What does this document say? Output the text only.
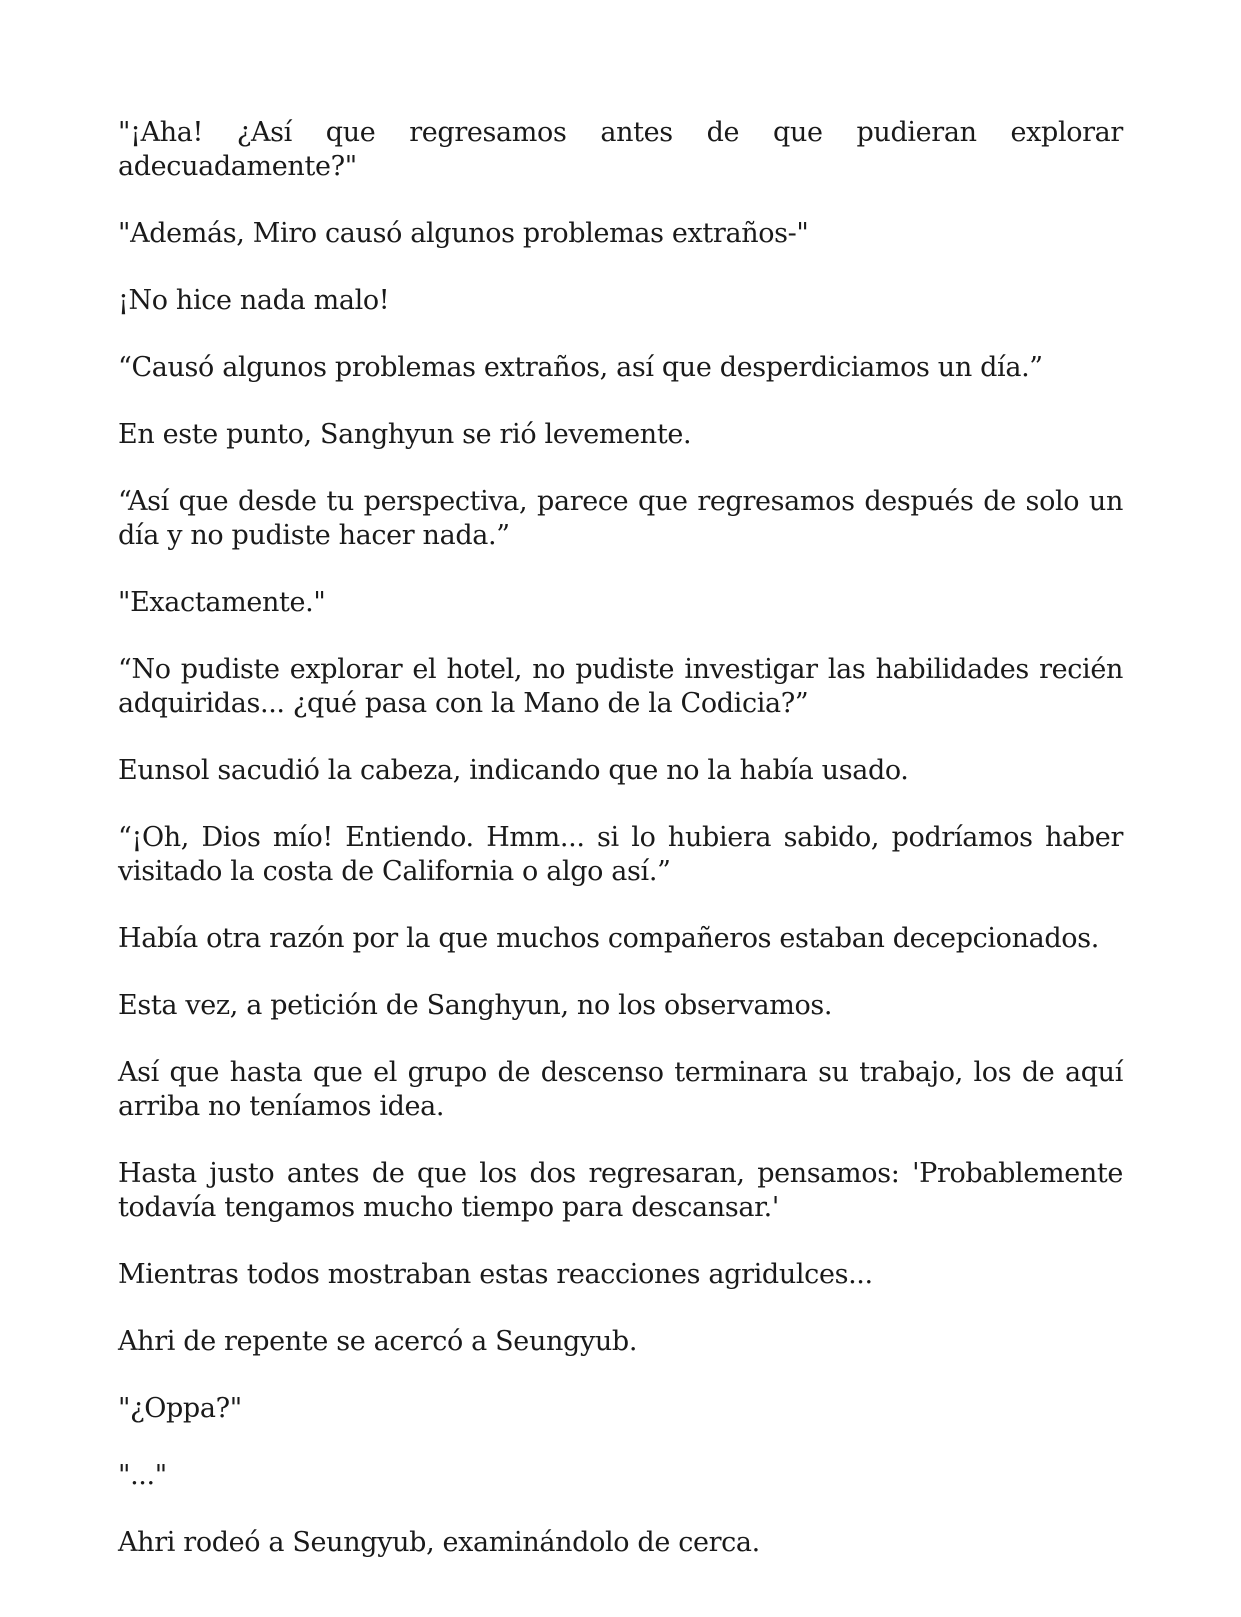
"¡Aha! ¿Así que regresamos antes de que pudieran explorar adecuadamente?"

"Además, Miro causó algunos problemas extraños-"

¡No hice nada malo!

“Causó algunos problemas extraños, así que desperdiciamos un día.”

En este punto, Sanghyun se rió levemente.

“Así que desde tu perspectiva, parece que regresamos después de solo un día y no pudiste hacer nada.”

"Exactamente."

“No pudiste explorar el hotel, no pudiste investigar las habilidades recién adquiridas... ¿qué pasa con la Mano de la Codicia?”

Eunsol sacudió la cabeza, indicando que no la había usado.

“¡Oh, Dios mío! Entiendo. Hmm... si lo hubiera sabido, podríamos haber visitado la costa de California o algo así.”

Había otra razón por la que muchos compañeros estaban decepcionados.

Esta vez, a petición de Sanghyun, no los observamos.

Así que hasta que el grupo de descenso terminara su trabajo, los de aquí arriba no teníamos idea.

Hasta justo antes de que los dos regresaran, pensamos: 'Probablemente todavía tengamos mucho tiempo para descansar.'

Mientras todos mostraban estas reacciones agridulces...

Ahri de repente se acercó a Seungyub.

"¿Oppa?"

"..."

Ahri rodeó a Seungyub, examinándolo de cerca.
